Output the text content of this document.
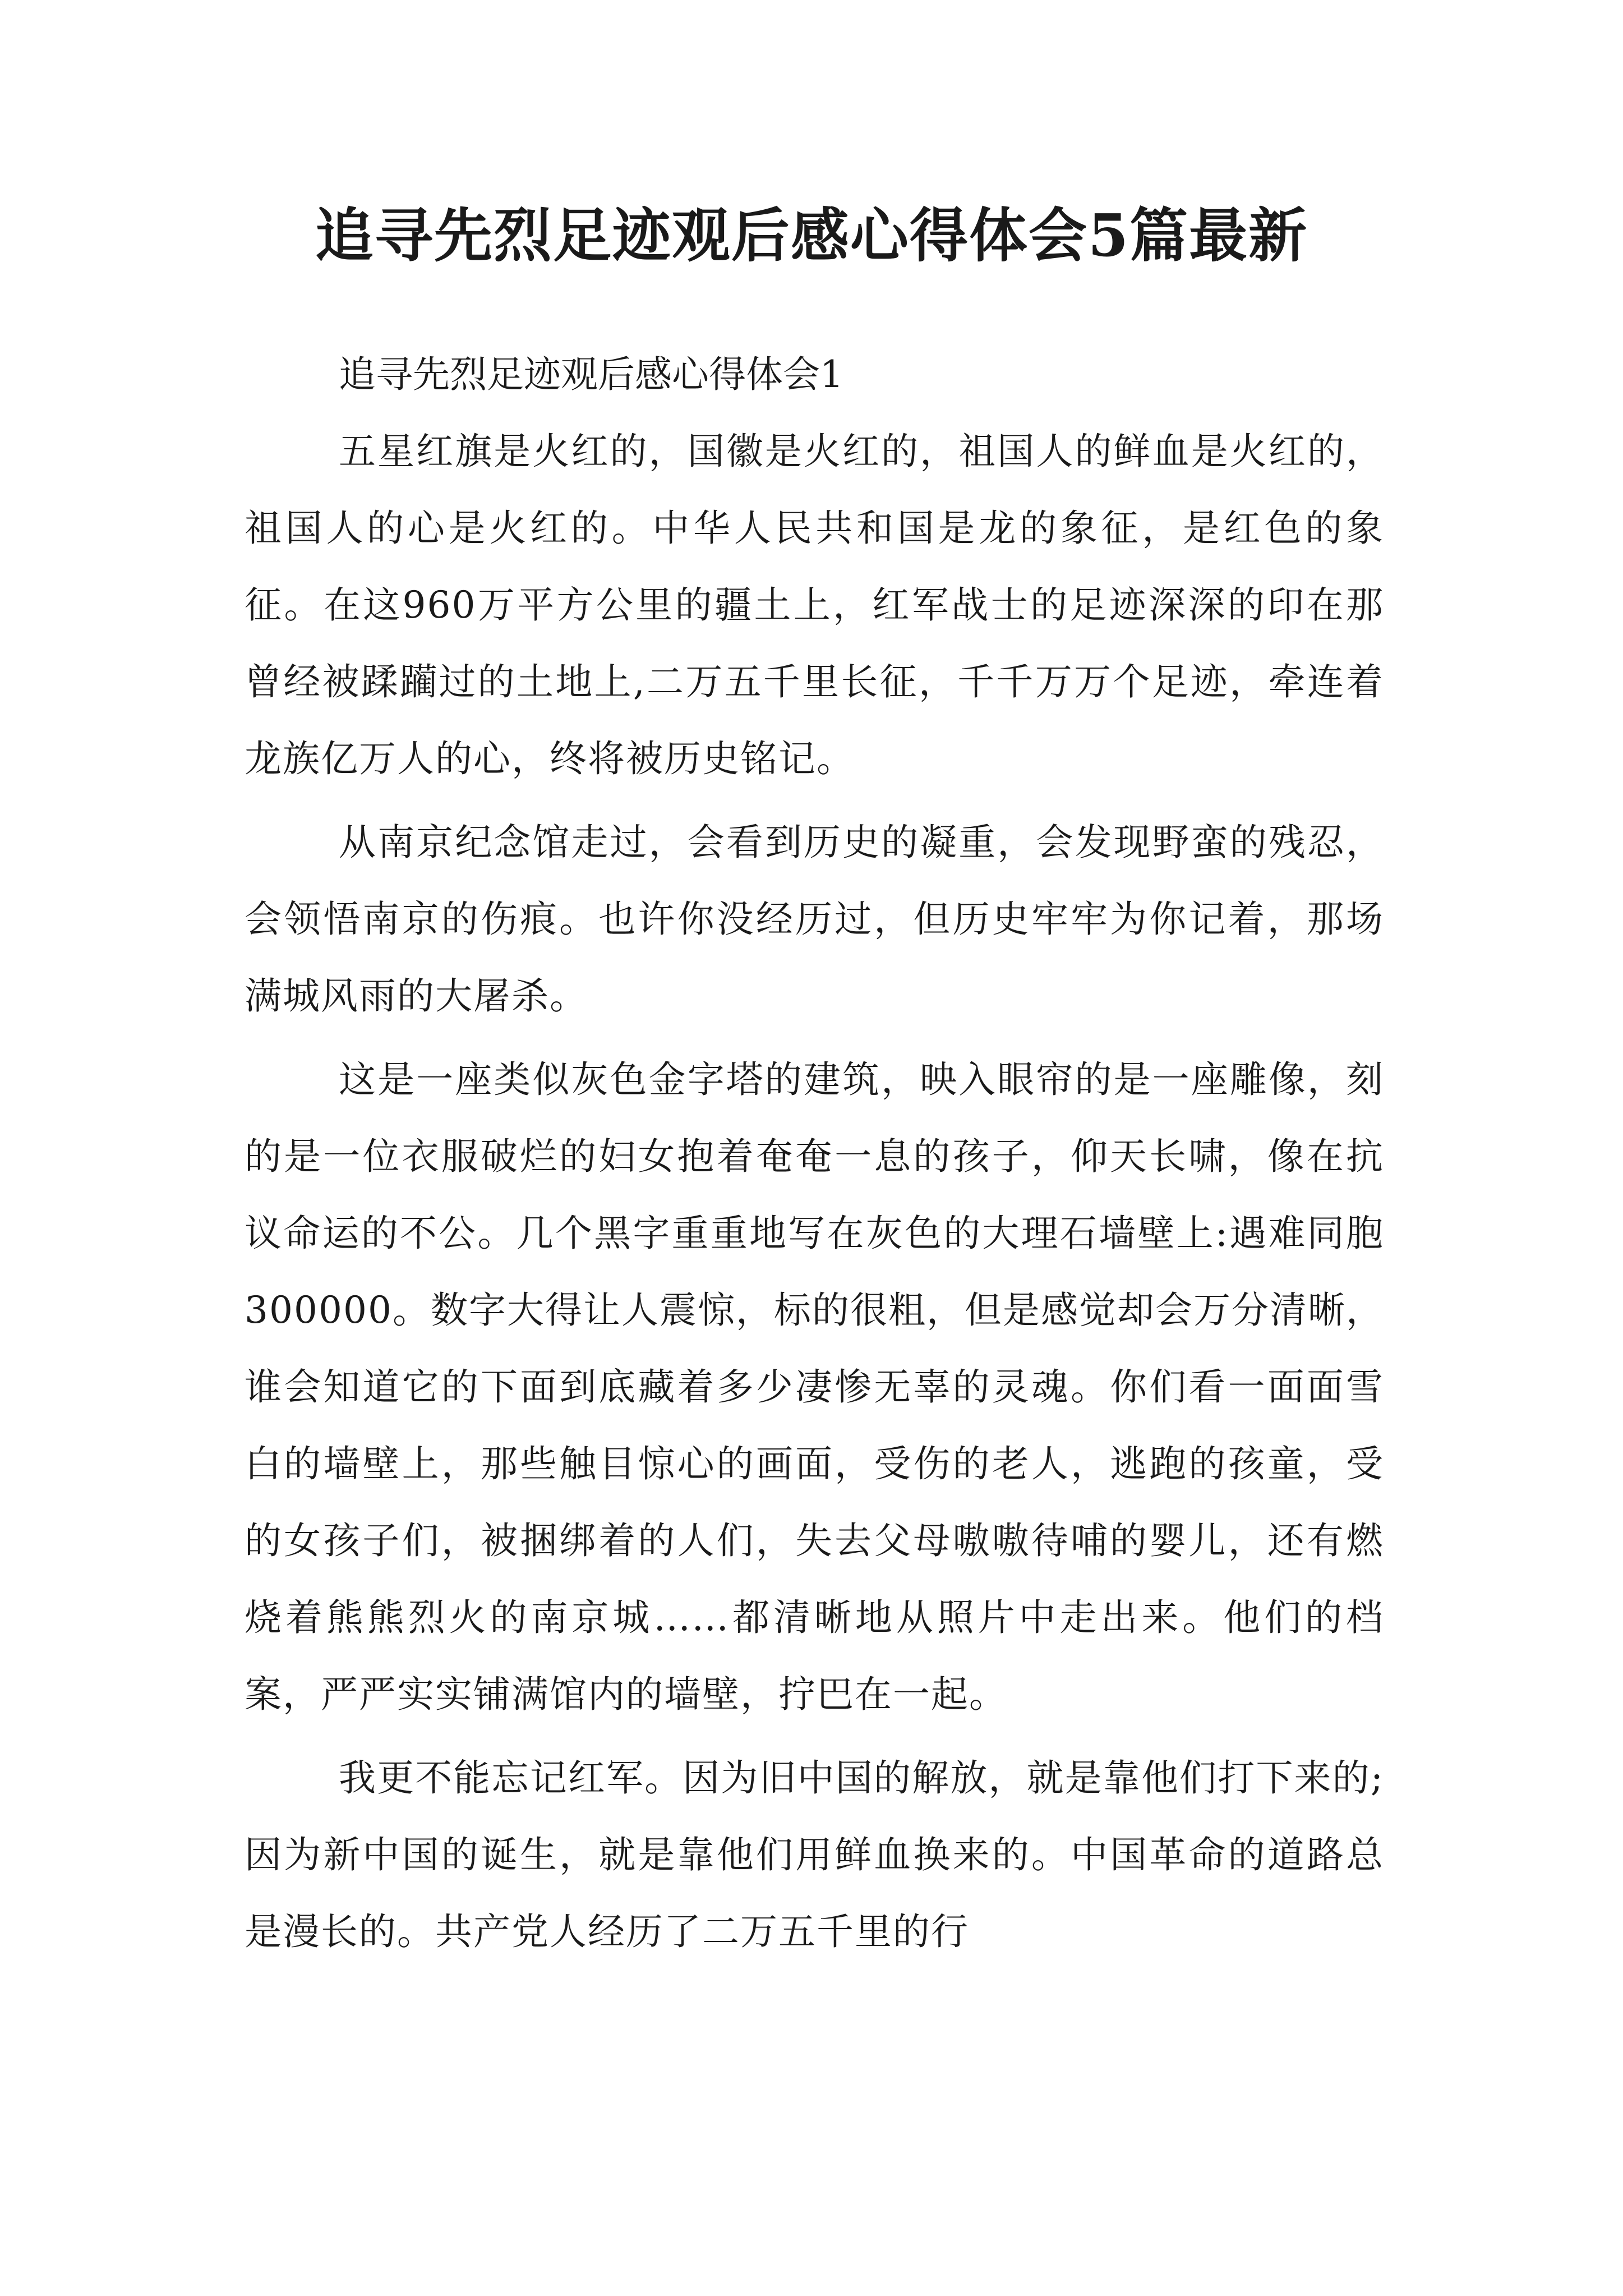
追寻先烈足迹观后感心得体会5篇最新

追寻先烈足迹观后感心得体会1

五星红旗是火红的，国徽是火红的，祖国人的鲜血是火红的，祖国人的心是火红的。中华人民共和国是龙的象征，是红色的象征。在这960万平方公里的疆土上，红军战士的足迹深深的印在那曾经被蹂躏过的土地上,二万五千里长征，千千万万个足迹，牵连着龙族亿万人的心，终将被历史铭记。

从南京纪念馆走过，会看到历史的凝重，会发现野蛮的残忍，会领悟南京的伤痕。也许你没经历过，但历史牢牢为你记着，那场满城风雨的大屠杀。

这是一座类似灰色金字塔的建筑，映入眼帘的是一座雕像，刻的是一位衣服破烂的妇女抱着奄奄一息的孩子，仰天长啸，像在抗议命运的不公。几个黑字重重地写在灰色的大理石墙壁上:遇难同胞300000。数字大得让人震惊，标的很粗，但是感觉却会万分清晰，谁会知道它的下面到底藏着多少凄惨无辜的灵魂。你们看一面面雪白的墙壁上，那些触目惊心的画面，受伤的老人，逃跑的孩童，受的女孩子们，被捆绑着的人们，失去父母嗷嗷待哺的婴儿，还有燃烧着熊熊烈火的南京城……都清晰地从照片中走出来。他们的档案，严严实实铺满馆内的墙壁，拧巴在一起。

我更不能忘记红军。因为旧中国的解放，就是靠他们打下来的;因为新中国的诞生，就是靠他们用鲜血换来的。中国革命的道路总是漫长的。共产党人经历了二万五千里的行
